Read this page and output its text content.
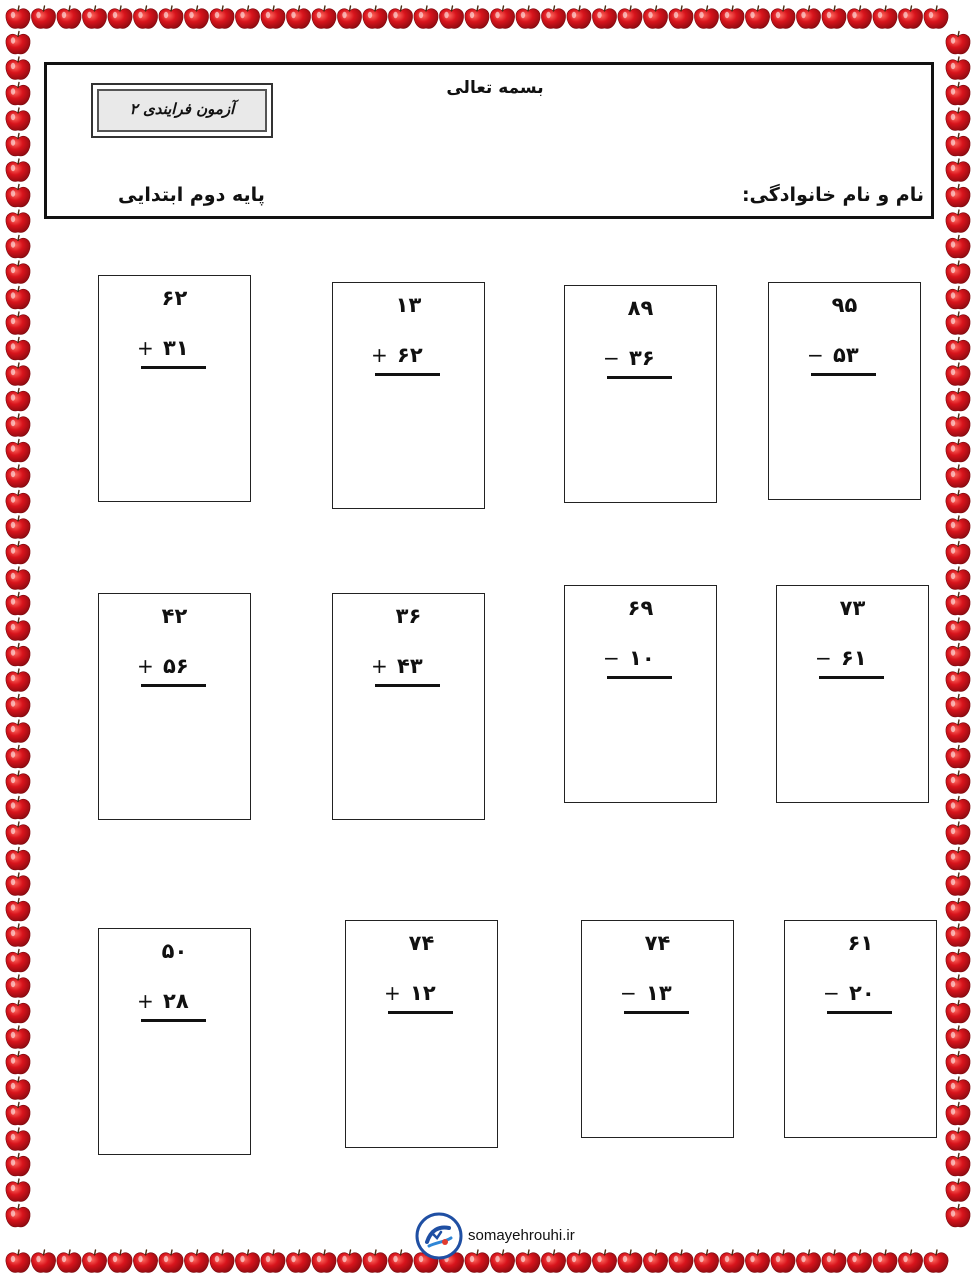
بسمه تعالی
آزمون فرایندی ۲
نام و نام خانوادگی:
پایه دوم ابتدایی
۶۲
+ ۳۱
۱۳
+ ۶۲
۸۹
− ۳۶
۹۵
− ۵۳
۴۲
+ ۵۶
۳۶
+ ۴۳
۶۹
− ۱۰
۷۳
− ۶۱
۵۰
+ ۲۸
۷۴
+ ۱۲
۷۴
− ۱۳
۶۱
− ۲۰
somayehrouhi.ir
